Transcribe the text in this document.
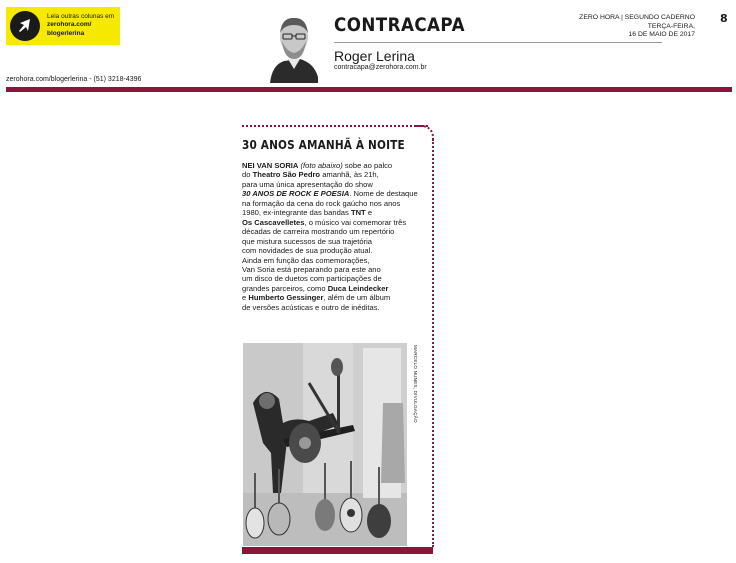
Leia outras colunas em
zerohora.com/
blogerlerina	CONTRACAPA
Roger Lerina
contracapa@zerohora.com.br
ZERO HORA | SEGUNDO CADERNO
TERÇA-FEIRA,
16 DE MAIO DE 2017
8
zerohora.com/blogerlerina - (51) 3218-4396
30 ANOS AMANHÃ À NOITE
NEI VAN SORIA (foto abaixo) sobe ao palco
do Theatro São Pedro amanhã, às 21h,
para uma única apresentação do show
30 ANOS DE ROCK E POESIA. Nome de destaque
na formação da cena do rock gaúcho nos anos
1980, ex-integrante das bandas TNT e
Os Cascavelletes, o músico vai comemorar três
décadas de carreira mostrando um repertório
que mistura sucessos de sua trajetória
com novidades de sua produção atual.
Ainda em função das comemorações,
Van Soria está preparando para este ano
um disco de duetos com participações de
grandes parceiros, como Duca Leindecker
e Humberto Gessinger, além de um álbum
de versões acústicas e outro de inéditas.
MARCELO NUNES, DIVULGAÇÃO
